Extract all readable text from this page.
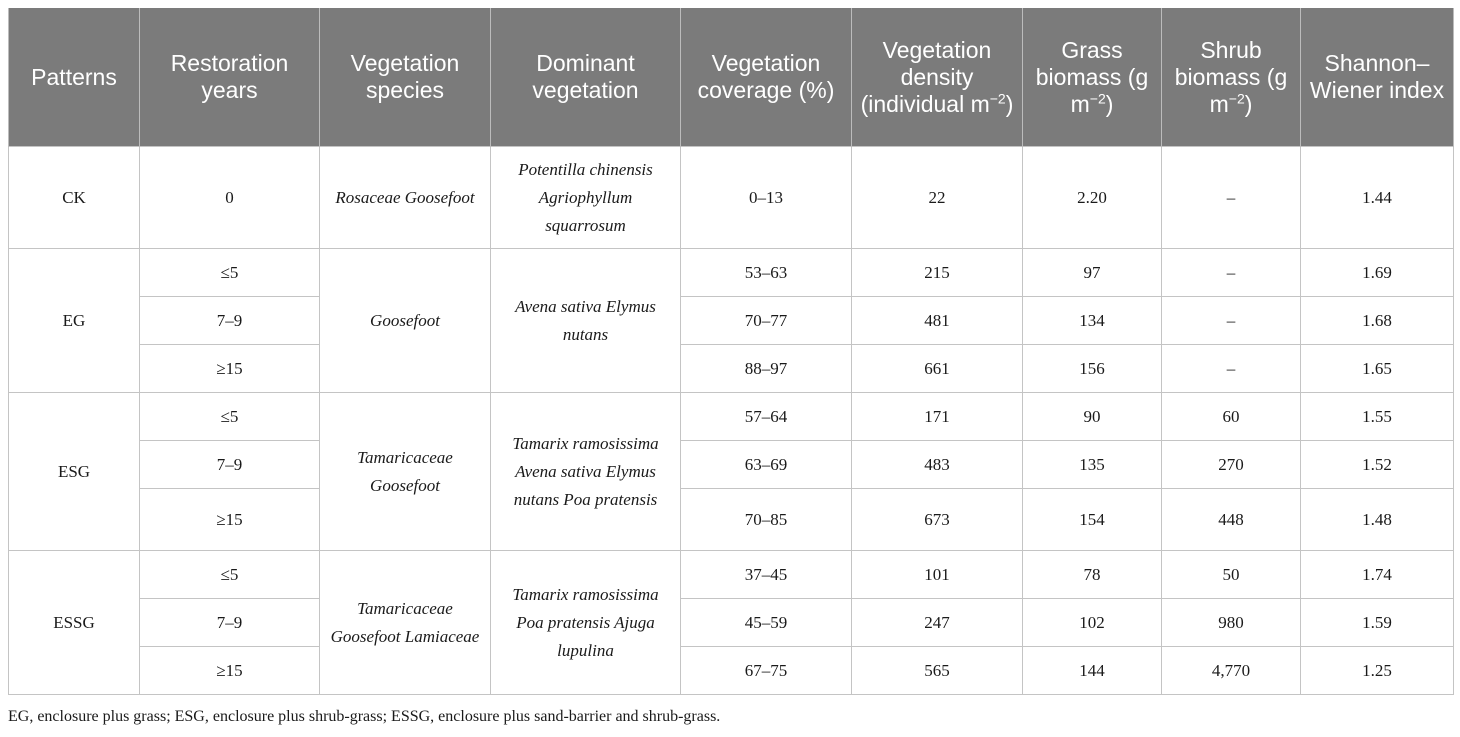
Patterns	Restoration years	Vegetation species	Dominant vegetation	Vegetation coverage (%)	Vegetation density (individual $m^{-2}$)	Grass biomass (g $m^{-2}$)	Shrub biomass (g $m^{-2}$)	Shannon–Wiener index
CK	0	Rosaceae Goosefoot	Potentilla chinensis Agriophyllum squarrosum	0–13	22	2.20	–	1.44
EG	≤5	Goosefoot	Avena sativa Elymus nutans	53–63	215	97	–	1.69
	7–9			70–77	481	134	–	1.68
	≥15			88–97	661	156	–	1.65
ESG	≤5	Tamaricaceae Goosefoot	Tamarix ramosissima Avena sativa Elymus nutans Poa pratensis	57–64	171	90	60	1.55
	7–9			63–69	483	135	270	1.52
	≥15			70–85	673	154	448	1.48
ESSG	≤5	Tamaricaceae Goosefoot Lamiaceae	Tamarix ramosissima Poa pratensis Ajuga lupulina	37–45	101	78	50	1.74
	7–9			45–59	247	102	980	1.59
	≥15			67–75	565	144	4,770	1.25
EG, enclosure plus grass; ESG, enclosure plus shrub-grass; ESSG, enclosure plus sand-barrier and shrub-grass.
